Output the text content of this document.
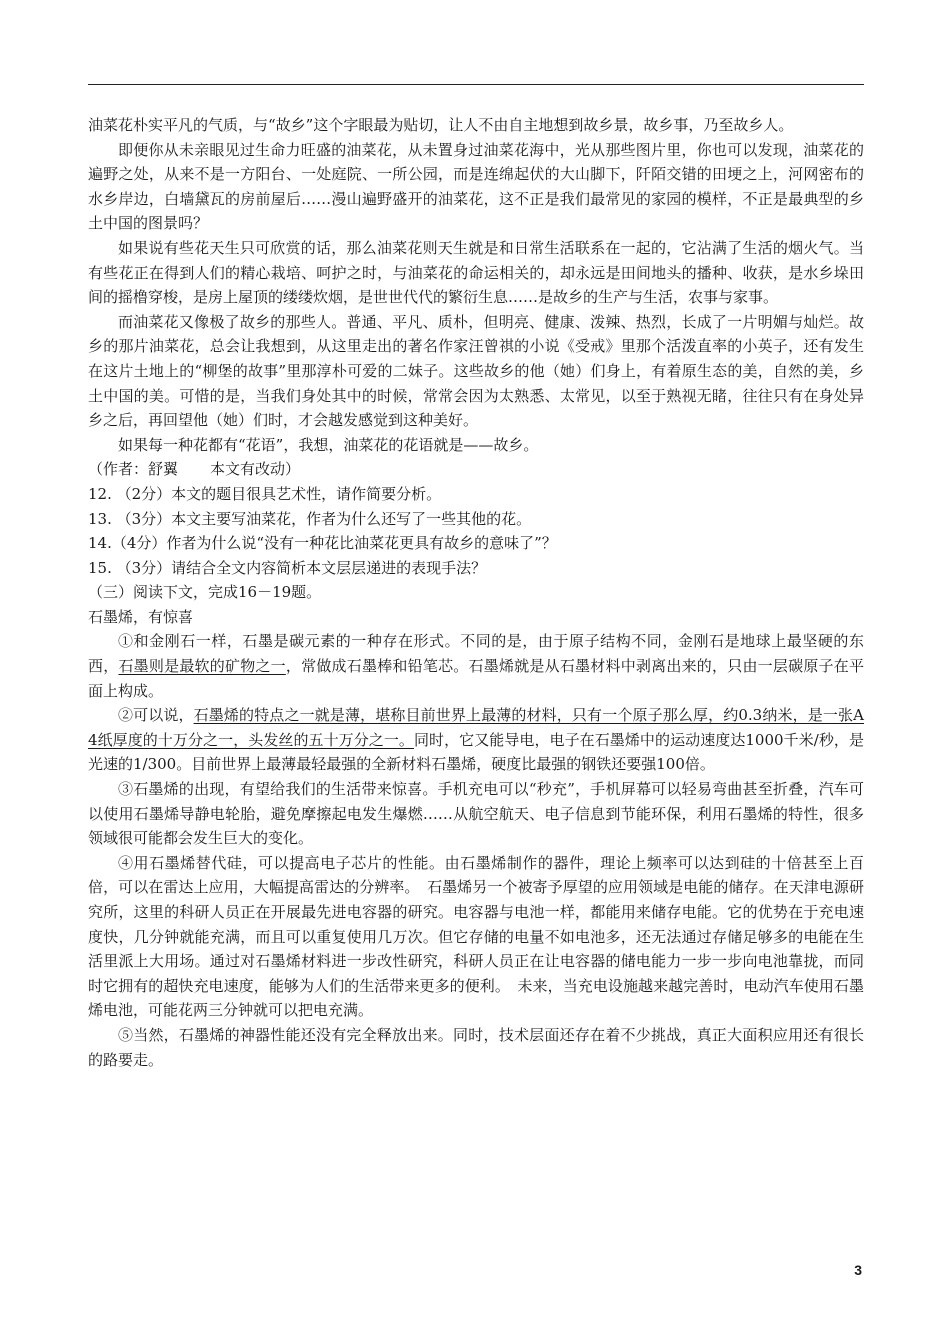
油菜花朴实平凡的气质，与“故乡”这个字眼最为贴切，让人不由自主地想到故乡景，故乡事，乃至故乡人。

即便你从未亲眼见过生命力旺盛的油菜花，从未置身过油菜花海中，光从那些图片里，你也可以发现，油菜花的遍野之处，从来不是一方阳台、一处庭院、一所公园，而是连绵起伏的大山脚下，阡陌交错的田埂之上，河网密布的水乡岸边，白墙黛瓦的房前屋后……漫山遍野盛开的油菜花，这不正是我们最常见的家园的模样，不正是最典型的乡土中国的图景吗？

如果说有些花天生只可欣赏的话，那么油菜花则天生就是和日常生活联系在一起的，它沾满了生活的烟火气。当有些花正在得到人们的精心栽培、呵护之时，与油菜花的命运相关的，却永远是田间地头的播种、收获，是水乡垛田间的摇橹穿梭，是房上屋顶的缕缕炊烟，是世世代代的繁衍生息……是故乡的生产与生活，农事与家事。

而油菜花又像极了故乡的那些人。普通、平凡、质朴，但明亮、健康、泼辣、热烈，长成了一片明媚与灿烂。故乡的那片油菜花，总会让我想到，从这里走出的著名作家汪曾祺的小说《受戒》里那个活泼直率的小英子，还有发生在这片土地上的“柳堡的故事”里那淳朴可爱的二妹子。这些故乡的他（她）们身上，有着原生态的美，自然的美，乡土中国的美。可惜的是，当我们身处其中的时候，常常会因为太熟悉、太常见，以至于熟视无睹，往往只有在身处异乡之后，再回望他（她）们时，才会越发感觉到这种美好。

如果每一种花都有“花语”，我想，油菜花的花语就是——故乡。

（作者：舒翼 本文有改动）

12. （2分）本文的题目很具艺术性，请作简要分析。

13. （3分）本文主要写油菜花，作者为什么还写了一些其他的花。

14.（4分）作者为什么说“没有一种花比油菜花更具有故乡的意味了”？

15. （3分）请结合全文内容简析本文层层递进的表现手法？

（三）阅读下文，完成16－19题。

石墨烯，有惊喜

①和金刚石一样，石墨是碳元素的一种存在形式。不同的是，由于原子结构不同，金刚石是地球上最坚硬的东西，石墨则是最软的矿物之一，常做成石墨棒和铅笔芯。石墨烯就是从石墨材料中剥离出来的，只由一层碳原子在平面上构成。

②可以说，石墨烯的特点之一就是薄，堪称目前世界上最薄的材料，只有一个原子那么厚，约0.3纳米，是一张A4纸厚度的十万分之一，头发丝的五十万分之一。同时，它又能导电，电子在石墨烯中的运动速度达1000千米/秒，是光速的1/300。目前世界上最薄最轻最强的全新材料石墨烯，硬度比最强的钢铁还要强100倍。

③石墨烯的出现，有望给我们的生活带来惊喜。手机充电可以“秒充”，手机屏幕可以轻易弯曲甚至折叠，汽车可以使用石墨烯导静电轮胎，避免摩擦起电发生爆燃……从航空航天、电子信息到节能环保，利用石墨烯的特性，很多领域很可能都会发生巨大的变化。

④用石墨烯替代硅，可以提高电子芯片的性能。由石墨烯制作的器件，理论上频率可以达到硅的十倍甚至上百倍，可以在雷达上应用，大幅提高雷达的分辨率。　石墨烯另一个被寄予厚望的应用领域是电能的储存。在天津电源研究所，这里的科研人员正在开展最先进电容器的研究。电容器与电池一样，都能用来储存电能。它的优势在于充电速度快，几分钟就能充满，而且可以重复使用几万次。但它存储的电量不如电池多，还无法通过存储足够多的电能在生活里派上大用场。通过对石墨烯材料进一步改性研究，科研人员正在让电容器的储电能力一步一步向电池靠拢，而同时它拥有的超快充电速度，能够为人们的生活带来更多的便利。　未来，当充电设施越来越完善时，电动汽车使用石墨烯电池，可能花两三分钟就可以把电充满。

⑤当然，石墨烯的神器性能还没有完全释放出来。同时，技术层面还存在着不少挑战，真正大面积应用还有很长的路要走。

3
